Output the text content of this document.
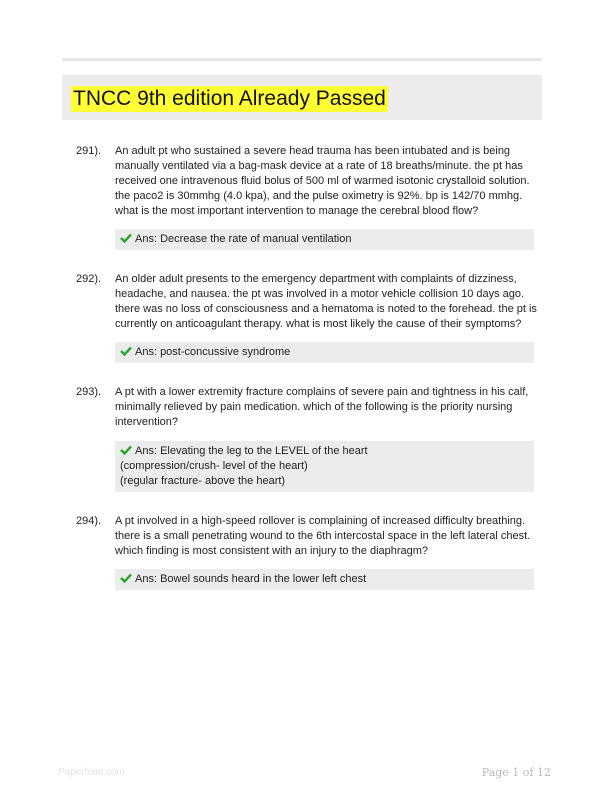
TNCC 9th edition Already Passed
291). An adult pt who sustained a severe head trauma has been intubated and is being manually ventilated via a bag-mask device at a rate of 18 breaths/minute. the pt has received one intravenous fluid bolus of 500 ml of warmed isotonic crystalloid solution. the paco2 is 30mmhg (4.0 kpa), and the pulse oximetry is 92%. bp is 142/70 mmhg. what is the most important intervention to manage the cerebral blood flow?
Ans: Decrease the rate of manual ventilation
292). An older adult presents to the emergency department with complaints of dizziness, headache, and nausea. the pt was involved in a motor vehicle collision 10 days ago. there was no loss of consciousness and a hematoma is noted to the forehead. the pt is currently on anticoagulant therapy. what is most likely the cause of their symptoms?
Ans: post-concussive syndrome
293). A pt with a lower extremity fracture complains of severe pain and tightness in his calf, minimally relieved by pain medication. which of the following is the priority nursing intervention?
Ans: Elevating the leg to the LEVEL of the heart
(compression/crush- level of the heart)
(regular fracture- above the heart)
294). A pt involved in a high-speed rollover is complaining of increased difficulty breathing. there is a small penetrating wound to the 6th intercostal space in the left lateral chest. which finding is most consistent with an injury to the diaphragm?
Ans: Bowel sounds heard in the lower left chest
Paperfolio.com	Page 1 of 12
